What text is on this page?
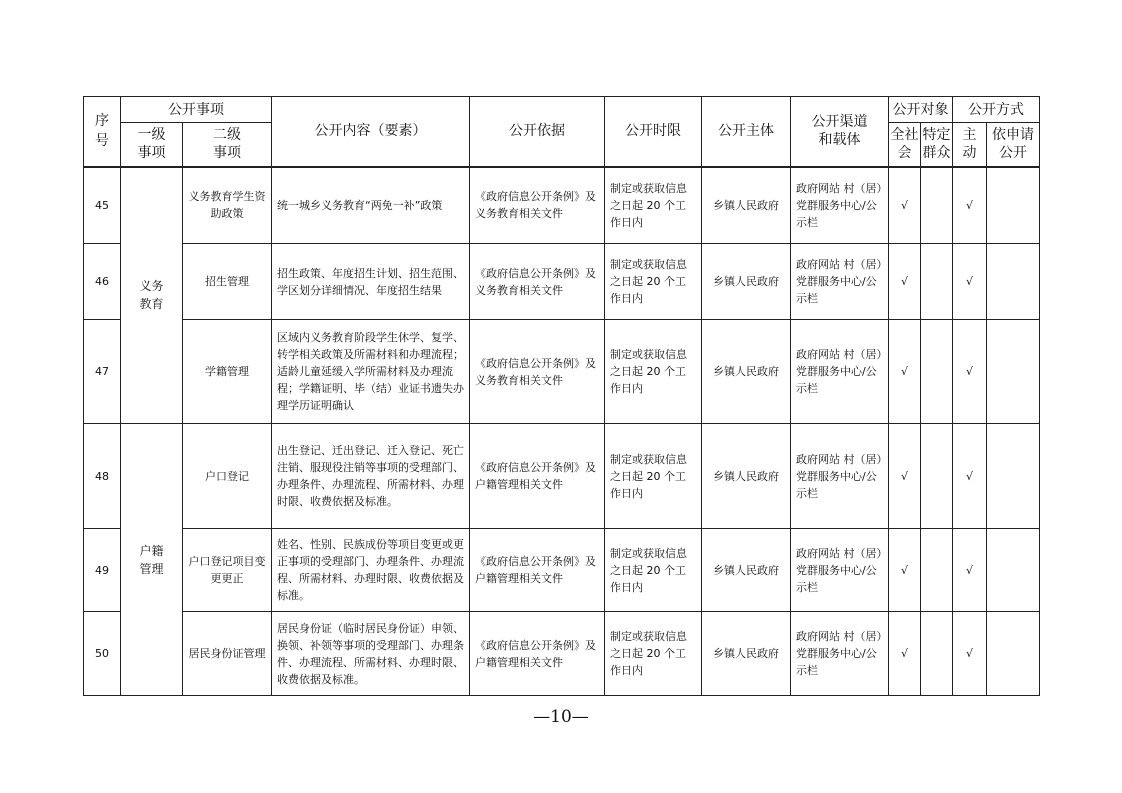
序号	公开事项		公开内容（要素）	公开依据	公开时限	公开主体	公开渠道和载体	公开对象		公开方式	

	一级事项	二级事项						全社会	特定群众	主动	依申请公开

45	义务教育	义务教育学生资助政策	统一城乡义务教育“两免一补”政策	《政府信息公开条例》及义务教育相关文件	制定或获取信息之日起 20 个工作日内	乡镇人民政府	政府网站 村（居）党群服务中心/公示栏	√		√	
46		招生管理	招生政策、年度招生计划、招生范围、学区划分详细情况、年度招生结果	《政府信息公开条例》及义务教育相关文件	制定或获取信息之日起 20 个工作日内	乡镇人民政府	政府网站 村（居）党群服务中心/公示栏	√		√	
47		学籍管理	区域内义务教育阶段学生休学、复学、转学相关政策及所需材料和办理流程；适龄儿童延缓入学所需材料及办理流程；学籍证明、毕（结）业证书遗失办理学历证明确认	《政府信息公开条例》及义务教育相关文件	制定或获取信息之日起 20 个工作日内	乡镇人民政府	政府网站 村（居）党群服务中心/公示栏	√		√	
48	户籍管理	户口登记	出生登记、迁出登记、迁入登记、死亡注销、服现役注销等事项的受理部门、办理条件、办理流程、所需材料、办理时限、收费依据及标准。	《政府信息公开条例》及户籍管理相关文件	制定或获取信息之日起 20 个工作日内	乡镇人民政府	政府网站 村（居）党群服务中心/公示栏	√		√	
49		户口登记项目变更更正	姓名、性别、民族成份等项目变更或更正事项的受理部门、办理条件、办理流程、所需材料、办理时限、收费依据及标准。	《政府信息公开条例》及户籍管理相关文件	制定或获取信息之日起 20 个工作日内	乡镇人民政府	政府网站 村（居）党群服务中心/公示栏	√		√	
50		居民身份证管理	居民身份证（临时居民身份证）申领、换领、补领等事项的受理部门、办理条件、办理流程、所需材料、办理时限、收费依据及标准。	《政府信息公开条例》及户籍管理相关文件	制定或获取信息之日起 20 个工作日内	乡镇人民政府	政府网站 村（居）党群服务中心/公示栏	√		√	
—10—
